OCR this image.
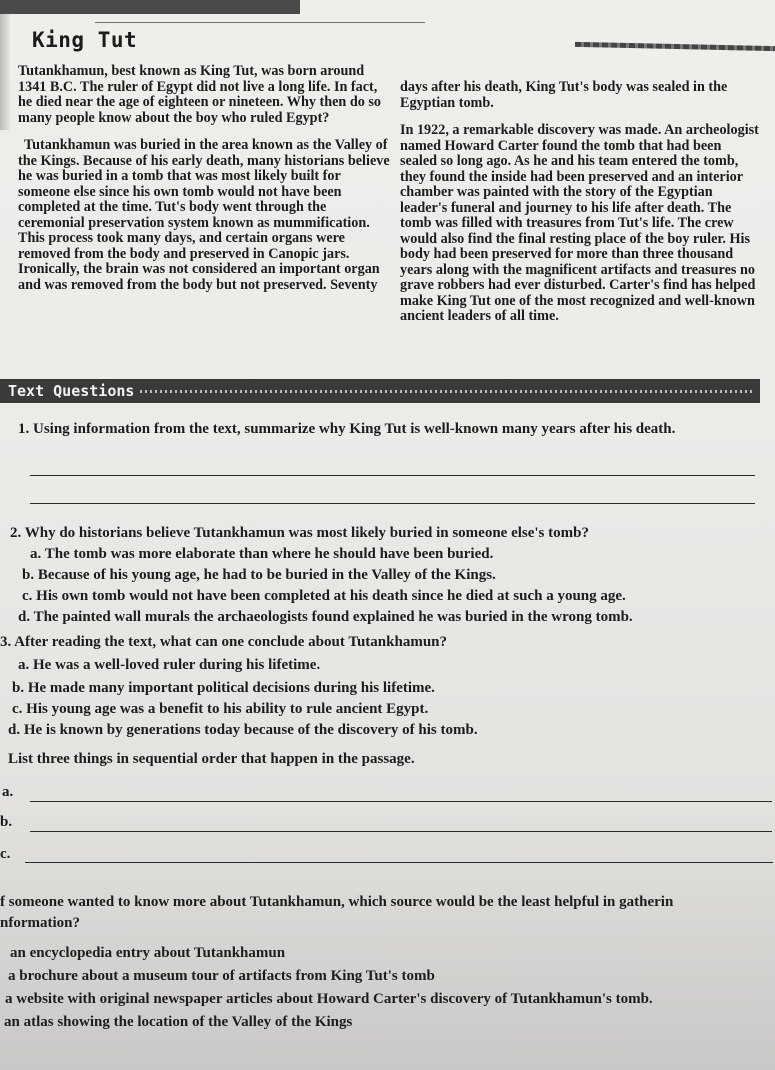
King Tut

Tutankhamun, best known as King Tut, was born around 1341 B.C. The ruler of Egypt did not live a long life. In fact, he died near the age of eighteen or nineteen. Why then do so many people know about the boy who ruled Egypt?

Tutankhamun was buried in the area known as the Valley of the Kings. Because of his early death, many historians believe he was buried in a tomb that was most likely built for someone else since his own tomb would not have been completed at the time. Tut's body went through the ceremonial preservation system known as mummification. This process took many days, and certain organs were removed from the body and preserved in Canopic jars. Ironically, the brain was not considered an important organ and was removed from the body but not preserved. Seventy

days after his death, King Tut's body was sealed in the Egyptian tomb.

In 1922, a remarkable discovery was made. An archeologist named Howard Carter found the tomb that had been sealed so long ago. As he and his team entered the tomb, they found the inside had been preserved and an interior chamber was painted with the story of the Egyptian leader's funeral and journey to his life after death. The tomb was filled with treasures from Tut's life. The crew would also find the final resting place of the boy ruler. His body had been preserved for more than three thousand years along with the magnificent artifacts and treasures no grave robbers had ever disturbed. Carter's find has helped make King Tut one of the most recognized and well-known ancient leaders of all time.

Text Questions
1. Using information from the text, summarize why King Tut is well-known many years after his death.
2. Why do historians believe Tutankhamun was most likely buried in someone else's tomb?
a. The tomb was more elaborate than where he should have been buried.
b. Because of his young age, he had to be buried in the Valley of the Kings.
c. His own tomb would not have been completed at his death since he died at such a young age.
d. The painted wall murals the archaeologists found explained he was buried in the wrong tomb.
3. After reading the text, what can one conclude about Tutankhamun?
a. He was a well-loved ruler during his lifetime.
b. He made many important political decisions during his lifetime.
c. His young age was a benefit to his ability to rule ancient Egypt.
d. He is known by generations today because of the discovery of his tomb.
List three things in sequential order that happen in the passage.
a.
b.
c.
f someone wanted to know more about Tutankhamun, which source would be the least helpful in gatherin
nformation?
an encyclopedia entry about Tutankhamun
a brochure about a museum tour of artifacts from King Tut's tomb
a website with original newspaper articles about Howard Carter's discovery of Tutankhamun's tomb.
an atlas showing the location of the Valley of the Kings
